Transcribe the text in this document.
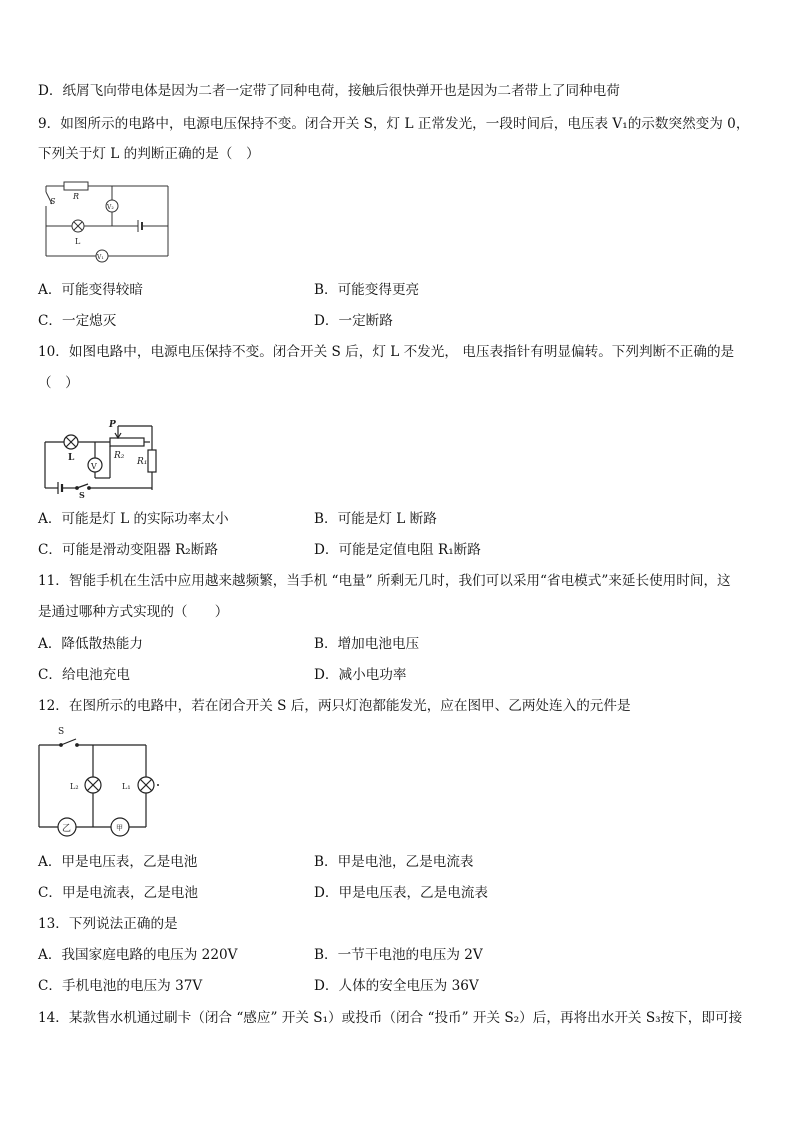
D．纸屑飞向带电体是因为二者一定带了同种电荷，接触后很快弹开也是因为二者带上了同种电荷
9．如图所示的电路中，电源电压保持不变。闭合开关 S，灯 L 正常发光，一段时间后，电压表 V₁的示数突然变为 0，
下列关于灯 L 的判断正确的是（　）
S
R
L
V₂
V₁
A．可能变得较暗	B．可能变得更亮
C．一定熄灭	D．一定断路
10．如图电路中，电源电压保持不变。闭合开关 S 后，灯 L 不发光， 电压表指针有明显偏转。下列判断不正确的是
（　）
L
P
R₂
R₁
V
S
A．可能是灯 L 的实际功率太小	B．可能是灯 L 断路
C．可能是滑动变阻器 R₂断路	D．可能是定值电阻 R₁断路
11．智能手机在生活中应用越来越频繁，当手机 “电量” 所剩无几时，我们可以采用“省电模式”来延长使用时间，这
是通过哪种方式实现的（　　）
A．降低散热能力	B．增加电池电压
C．给电池充电	D．减小电功率
12．在图所示的电路中，若在闭合开关 S 后，两只灯泡都能发光，应在图甲、乙两处连入的元件是
S
L₂	L₁
乙	甲
A．甲是电压表，乙是电池	B．甲是电池，乙是电流表
C．甲是电流表，乙是电池	D．甲是电压表，乙是电流表
13．下列说法正确的是
A．我国家庭电路的电压为 220V	B．一节干电池的电压为 2V
C．手机电池的电压为 37V	D．人体的安全电压为 36V
14．某款售水机通过刷卡（闭合 “感应” 开关 S₁）或投币（闭合 “投币” 开关 S₂）后，再将出水开关 S₃按下，即可接
